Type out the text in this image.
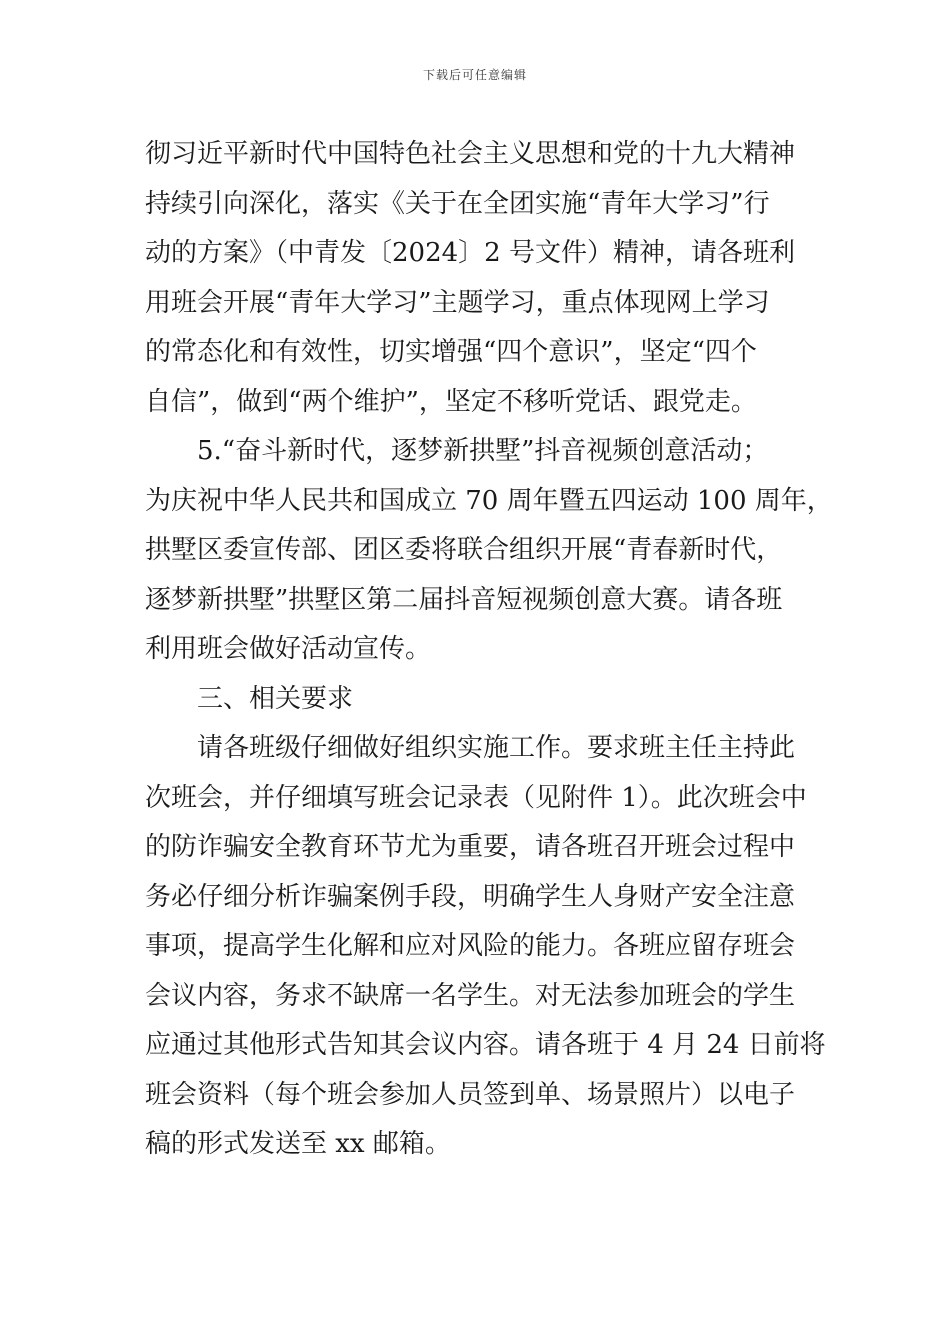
下载后可任意编辑
彻习近平新时代中国特色社会主义思想和党的十九大精神
持续引向深化，落实《关于在全团实施“青年大学习”行
动的方案》（中青发〔2024〕2 号文件）精神，请各班利
用班会开展“青年大学习”主题学习，重点体现网上学习
的常态化和有效性，切实增强“四个意识”，坚定“四个
自信”，做到“两个维护”，坚定不移听党话、跟党走。
5.“奋斗新时代，逐梦新拱墅”抖音视频创意活动；
为庆祝中华人民共和国成立 70 周年暨五四运动 100 周年，
拱墅区委宣传部、团区委将联合组织开展“青春新时代，
逐梦新拱墅”拱墅区第二届抖音短视频创意大赛。请各班
利用班会做好活动宣传。
三、相关要求
请各班级仔细做好组织实施工作。要求班主任主持此
次班会，并仔细填写班会记录表（见附件 1）。此次班会中
的防诈骗安全教育环节尤为重要，请各班召开班会过程中
务必仔细分析诈骗案例手段，明确学生人身财产安全注意
事项，提高学生化解和应对风险的能力。各班应留存班会
会议内容，务求不缺席一名学生。对无法参加班会的学生
应通过其他形式告知其会议内容。请各班于 4 月 24 日前将
班会资料（每个班会参加人员签到单、场景照片）以电子
稿的形式发送至 xx 邮箱。
